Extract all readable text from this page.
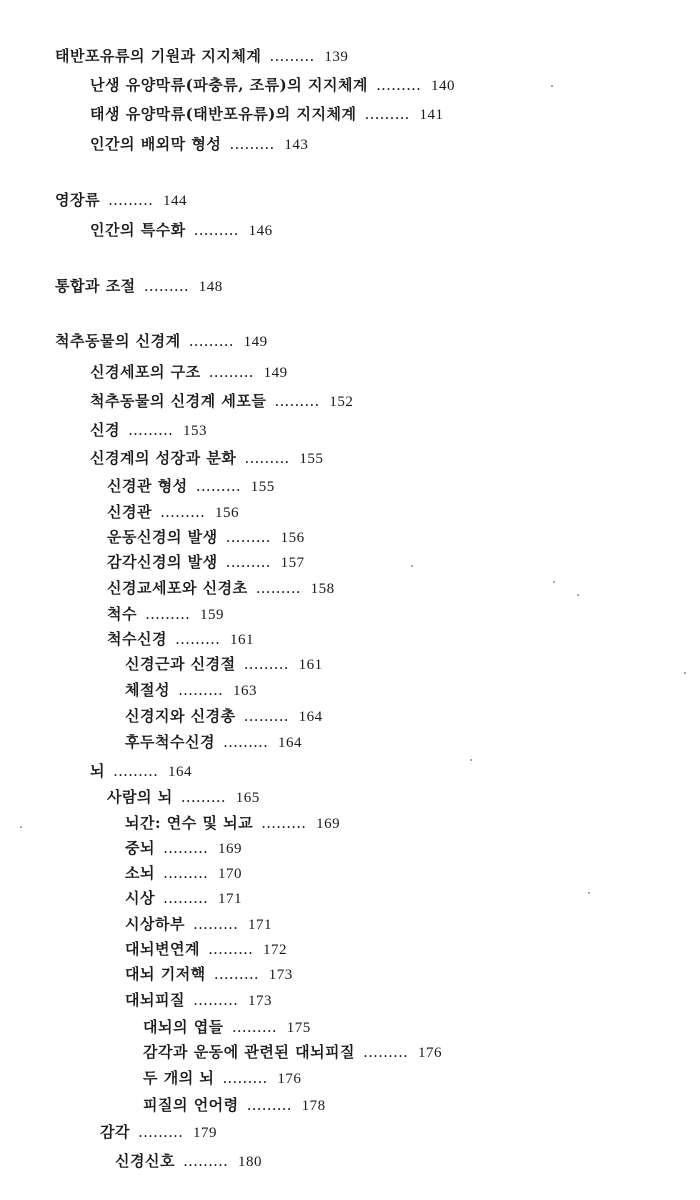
태반포유류의 기원과 지지체계 ……… 139
난생 유양막류(파충류, 조류)의 지지체계 ……… 140
태생 유양막류(태반포유류)의 지지체계 ……… 141
인간의 배외막 형성 ……… 143
영장류 ……… 144
인간의 특수화 ……… 146
통합과 조절 ……… 148
척추동물의 신경계 ……… 149
신경세포의 구조 ……… 149
척추동물의 신경계 세포들 ……… 152
신경 ……… 153
신경계의 성장과 분화 ……… 155
신경관 형성 ……… 155
신경관 ……… 156
운동신경의 발생 ……… 156
감각신경의 발생 ……… 157
신경교세포와 신경초 ……… 158
척수 ……… 159
척수신경 ……… 161
신경근과 신경절 ……… 161
체절성 ……… 163
신경지와 신경총 ……… 164
후두척수신경 ……… 164
뇌 ……… 164
사람의 뇌 ……… 165
뇌간: 연수 및 뇌교 ……… 169
중뇌 ……… 169
소뇌 ……… 170
시상 ……… 171
시상하부 ……… 171
대뇌변연계 ……… 172
대뇌 기저핵 ……… 173
대뇌피질 ……… 173
대뇌의 엽들 ……… 175
감각과 운동에 관련된 대뇌피질 ……… 176
두 개의 뇌 ……… 176
피질의 언어령 ……… 178
감각 ……… 179
신경신호 ……… 180
